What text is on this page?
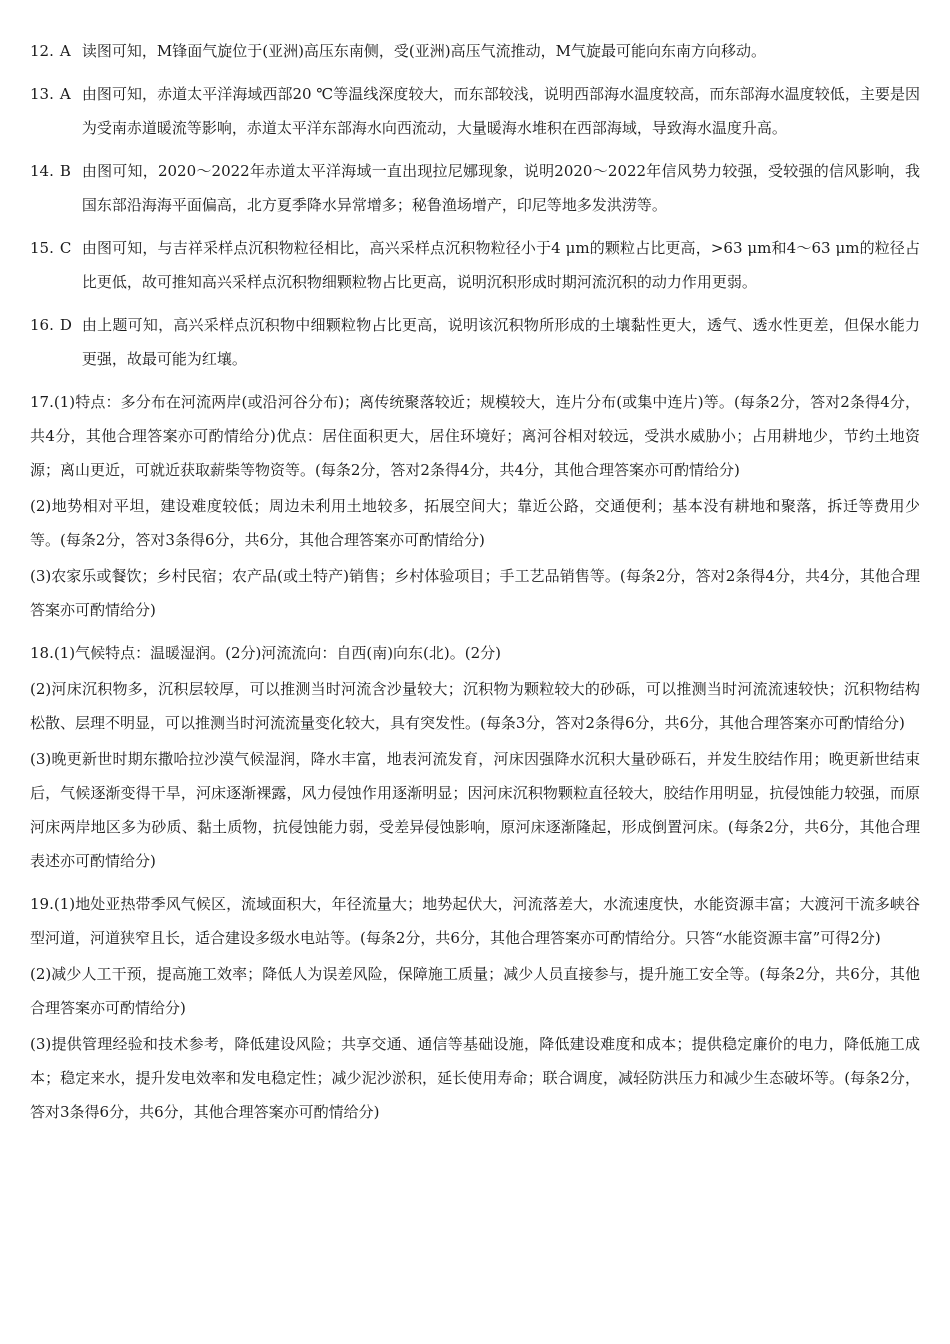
12. A 读图可知，M锋面气旋位于(亚洲)高压东南侧，受(亚洲)高压气流推动，M气旋最可能向东南方向移动。
13. A 由图可知，赤道太平洋海域西部20 ℃等温线深度较大，而东部较浅，说明西部海水温度较高，而东部海水温度较低，主要是因为受南赤道暖流等影响，赤道太平洋东部海水向西流动，大量暖海水堆积在西部海域，导致海水温度升高。
14. B 由图可知，2020～2022年赤道太平洋海域一直出现拉尼娜现象，说明2020～2022年信风势力较强，受较强的信风影响，我国东部沿海海平面偏高，北方夏季降水异常增多；秘鲁渔场增产，印尼等地多发洪涝等。
15. C 由图可知，与吉祥采样点沉积物粒径相比，高兴采样点沉积物粒径小于4 μm的颗粒占比更高，>63 μm和4～63 μm的粒径占比更低，故可推知高兴采样点沉积物细颗粒物占比更高，说明沉积形成时期河流沉积的动力作用更弱。
16. D 由上题可知，高兴采样点沉积物中细颗粒物占比更高，说明该沉积物所形成的土壤黏性更大，透气、透水性更差，但保水能力更强，故最可能为红壤。
17.(1)特点：多分布在河流两岸(或沿河谷分布)；离传统聚落较近；规模较大，连片分布(或集中连片)等。(每条2分，答对2条得4分，共4分，其他合理答案亦可酌情给分)优点：居住面积更大，居住环境好；离河谷相对较远，受洪水威胁小；占用耕地少，节约土地资源；离山更近，可就近获取薪柴等物资等。(每条2分，答对2条得4分，共4分，其他合理答案亦可酌情给分)
(2)地势相对平坦，建设难度较低；周边未利用土地较多，拓展空间大；靠近公路，交通便利；基本没有耕地和聚落，拆迁等费用少等。(每条2分，答对3条得6分，共6分，其他合理答案亦可酌情给分)
(3)农家乐或餐饮；乡村民宿；农产品(或土特产)销售；乡村体验项目；手工艺品销售等。(每条2分，答对2条得4分，共4分，其他合理答案亦可酌情给分)
18.(1)气候特点：温暖湿润。(2分)河流流向：自西(南)向东(北)。(2分)
(2)河床沉积物多，沉积层较厚，可以推测当时河流含沙量较大；沉积物为颗粒较大的砂砾，可以推测当时河流流速较快；沉积物结构松散、层理不明显，可以推测当时河流流量变化较大，具有突发性。(每条3分，答对2条得6分，共6分，其他合理答案亦可酌情给分)
(3)晚更新世时期东撒哈拉沙漠气候湿润，降水丰富，地表河流发育，河床因强降水沉积大量砂砾石，并发生胶结作用；晚更新世结束后，气候逐渐变得干旱，河床逐渐裸露，风力侵蚀作用逐渐明显；因河床沉积物颗粒直径较大，胶结作用明显，抗侵蚀能力较强，而原河床两岸地区多为砂质、黏土质物，抗侵蚀能力弱，受差异侵蚀影响，原河床逐渐隆起，形成倒置河床。(每条2分，共6分，其他合理表述亦可酌情给分)
19.(1)地处亚热带季风气候区，流域面积大，年径流量大；地势起伏大，河流落差大，水流速度快，水能资源丰富；大渡河干流多峡谷型河道，河道狭窄且长，适合建设多级水电站等。(每条2分，共6分，其他合理答案亦可酌情给分。只答“水能资源丰富”可得2分)
(2)减少人工干预，提高施工效率；降低人为误差风险，保障施工质量；减少人员直接参与，提升施工安全等。(每条2分，共6分，其他合理答案亦可酌情给分)
(3)提供管理经验和技术参考，降低建设风险；共享交通、通信等基础设施，降低建设难度和成本；提供稳定廉价的电力，降低施工成本；稳定来水，提升发电效率和发电稳定性；减少泥沙淤积，延长使用寿命；联合调度，减轻防洪压力和减少生态破坏等。(每条2分，答对3条得6分，共6分，其他合理答案亦可酌情给分)
